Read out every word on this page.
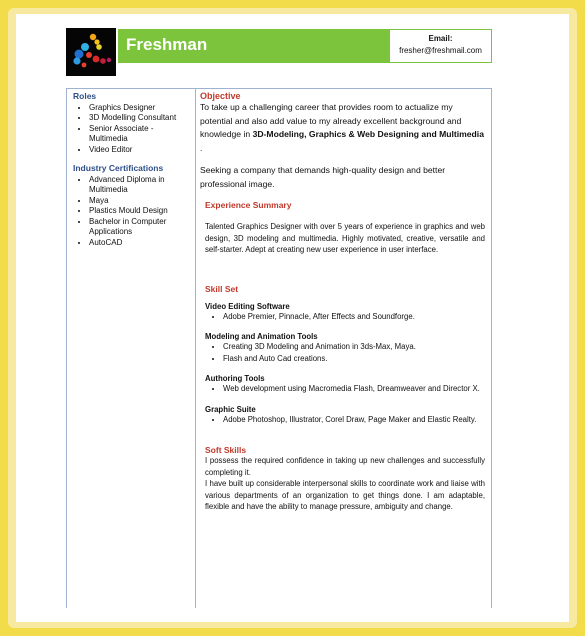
Freshman	Email:
fresher@freshmail.com
Roles
• Graphics Designer
• 3D Modelling Consultant
• Senior Associate - Multimedia
• Video Editor
Industry Certifications
• Advanced Diploma in Multimedia
• Maya
• Plastics Mould Design
• Bachelor in Computer Applications
• AutoCAD
Objective

To take up a challenging career that provides room to actualize my potential and also add value to my already excellent background and knowledge in 3D-Modeling, Graphics & Web Designing and Multimedia .

Seeking a company that demands high-quality design and better professional image.

Experience Summary

Talented Graphics Designer with over 5 years of experience in graphics and web design, 3D modeling and multimedia. Highly motivated, creative, versatile and self-starter. Adept at creating new user experience in user interface.

Skill Set

Video Editing Software

• Adobe Premier, Pinnacle, After Effects and Soundforge.

Modeling and Animation Tools

• Creating 3D Modeling and Animation in 3ds-Max, Maya.
• Flash and Auto Cad creations.

Authoring Tools

• Web development using Macromedia Flash, Dreamweaver and Director X.

Graphic Suite

• Adobe Photoshop, Illustrator, Corel Draw, Page Maker and Elastic Realty.

Soft Skills

I possess the required confidence in taking up new challenges and successfully completing it.

I have built up considerable interpersonal skills to coordinate work and liaise with various departments of an organization to get things done. I am adaptable, flexible and have the ability to manage pressure, ambiguity and change.
